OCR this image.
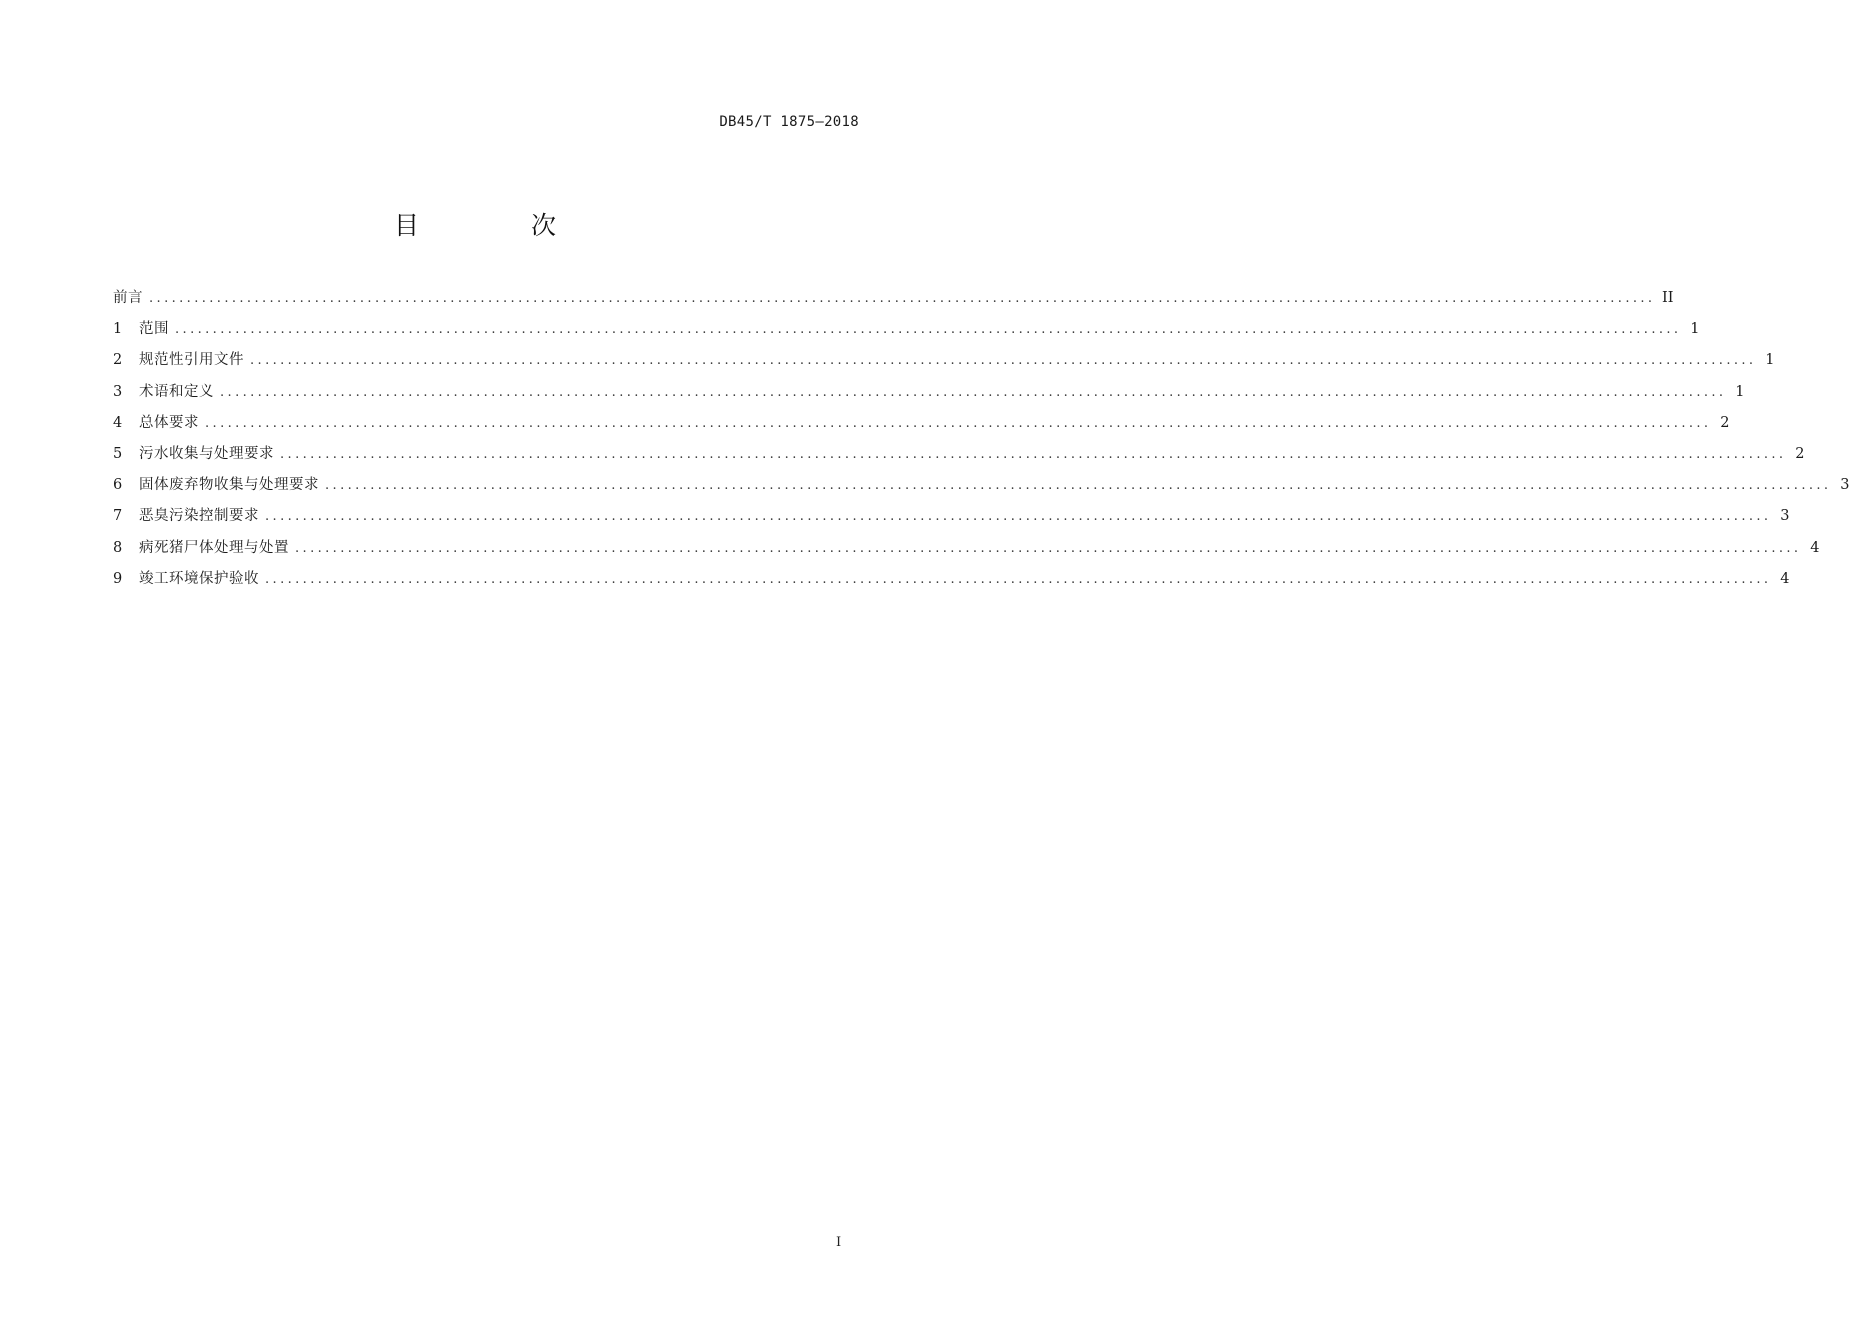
DB45/T 1875—2018
目 次
前言 ........................................................................................................................................................................................................ II
1	范围 ........................................................................................................................................................................................................ 1
2	规范性引用文件 ........................................................................................................................................................................................................ 1
3	术语和定义 ........................................................................................................................................................................................................ 1
4	总体要求 ........................................................................................................................................................................................................ 2
5	污水收集与处理要求 ........................................................................................................................................................................................................ 2
6	固体废弃物收集与处理要求 ........................................................................................................................................................................................................ 3
7	恶臭污染控制要求 ........................................................................................................................................................................................................ 3
8	病死猪尸体处理与处置 ........................................................................................................................................................................................................ 4
9	竣工环境保护验收 ........................................................................................................................................................................................................ 4
I
